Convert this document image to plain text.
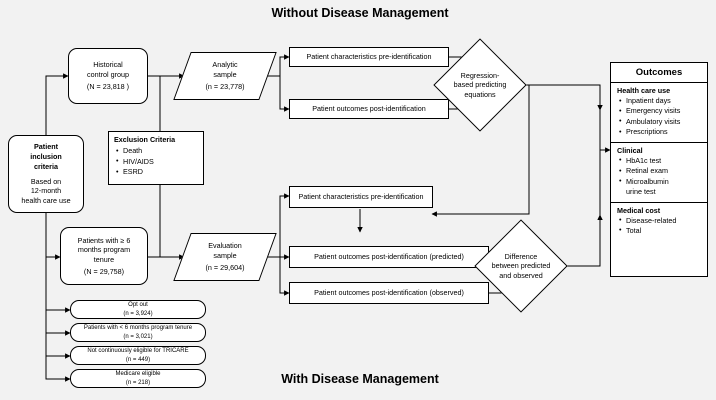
Without Disease Management
With Disease Management
Patient
inclusion
criteria
Based on
12-month
health care use
Historical
control group
(N = 23,818 )
Patients with ≥ 6
months program
tenure
(N = 29,758)
Exclusion Criteria
• Death
• HIV/AIDS
• ESRD
Analytic
sample
(n = 23,778)
Evaluation
sample
(n = 29,604)
Patient characteristics pre-identification
Patient outcomes post-identification
Patient characteristics pre-identification
Patient outcomes post-identification (predicted)
Patient outcomes post-identification (observed)
Regression-
based predicting
equations
Difference
between predicted
and observed
Opt out
(n = 3,924)
Patients with < 6 months program tenure
(n = 3,021)
Not continuously eligible for TRICARE
(n = 449)
Medicare eligible
(n = 218)
Outcomes
Health care use
• Inpatient days
• Emergency visits
• Ambulatory visits
• Prescriptions
Clinical
• HbA1c test
• Retinal exam
• Microalbumin
urine test
Medical cost
• Disease-related
• Total
